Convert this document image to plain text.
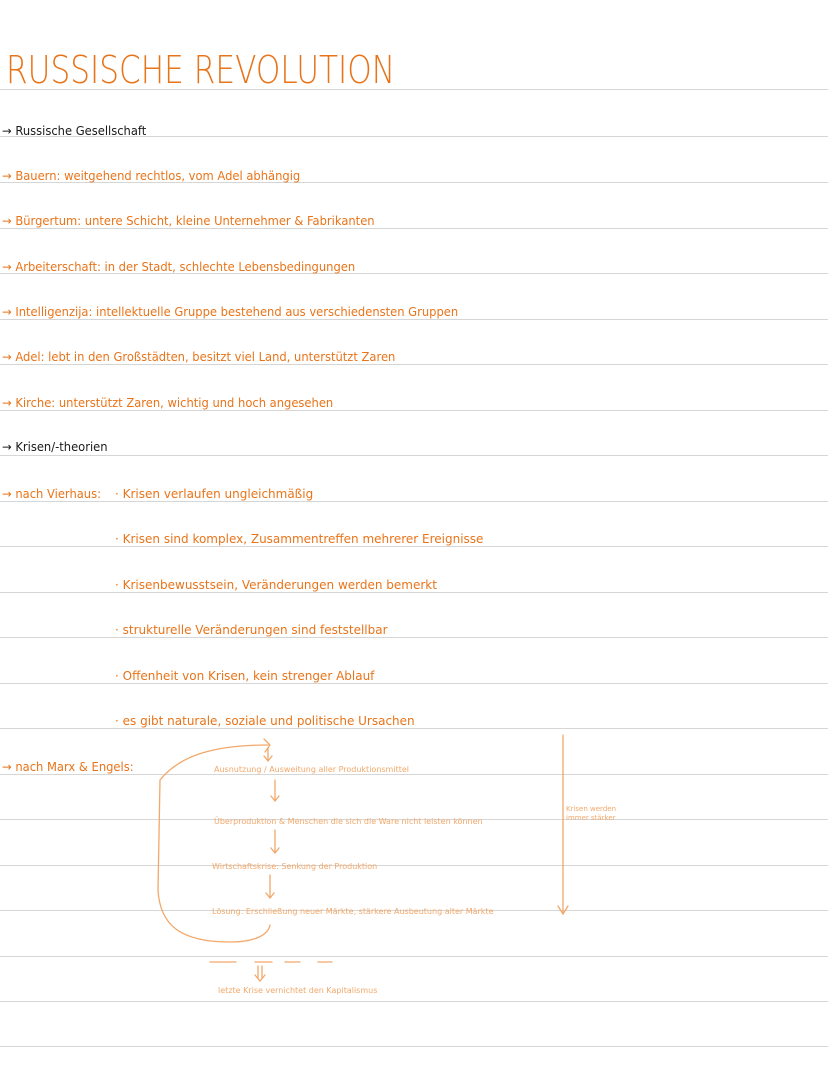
RUSSISCHE REVOLUTION
→ Russische Gesellschaft
→ Bauern: weitgehend rechtlos, vom Adel abhängig
→ Bürgertum: untere Schicht, kleine Unternehmer & Fabrikanten
→ Arbeiterschaft: in der Stadt, schlechte Lebensbedingungen
→ Intelligenzija: intellektuelle Gruppe bestehend aus verschiedensten Gruppen
→ Adel: lebt in den Großstädten, besitzt viel Land, unterstützt Zaren
→ Kirche: unterstützt Zaren, wichtig und hoch angesehen
→ Krisen/-theorien
→ nach Vierhaus: · Krisen verlaufen ungleichmäßig
· Krisen sind komplex, Zusammentreffen mehrerer Ereignisse
· Krisenbewusstsein, Veränderungen werden bemerkt
· strukturelle Veränderungen sind feststellbar
· Offenheit von Krisen, kein strenger Ablauf
· es gibt naturale, soziale und politische Ursachen
→ nach Marx & Engels:	Ausnutzung / Ausweitung aller Produktionsmittel
Überproduktion & Menschen die sich die Ware nicht leisten können
Wirtschaftskrise: Senkung der Produktion
Lösung: Erschließung neuer Märkte, stärkere Ausbeutung alter Märkte
Krisen werden immer stärker
letzte Krise vernichtet den Kapitalismus
